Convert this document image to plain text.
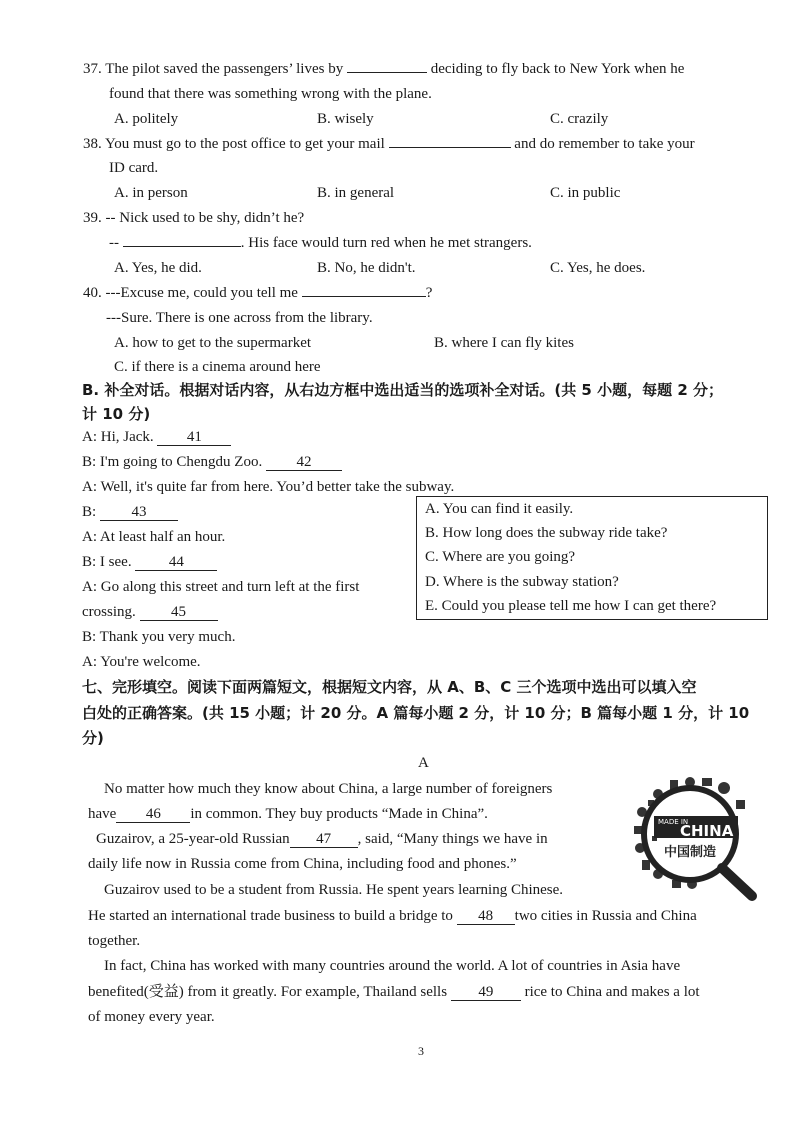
37. The pilot saved the passengers’ lives by	deciding to fly back to New York when he
found that there was something wrong with the plane.
A. politely	B. wisely	C. crazily
38. You must go to the post office to get your mail	and do remember to take your
ID card.
A. in person	B. in general	C. in public
39. -- Nick used to be shy, didn’t he?
--	. His face would turn red when he met strangers.
A. Yes, he did.	B. No, he didn't.	C. Yes, he does.
40. ---Excuse me, could you tell me	?
---Sure. There is one across from the library.
A. how to get to the supermarket	B. where I can fly kites
C. if there is a cinema around here
B. 补全对话。根据对话内容，从右边方框中选出适当的选项补全对话。(共 5 小题，每题 2 分；
计 10 分)
A: Hi, Jack. 41
B: I'm going to Chengdu Zoo. 42
A: Well, it's quite far from here. You’d better take the subway.
B: 43
A: At least half an hour.
B: I see. 44
A: Go along this street and turn left at the first
crossing. 45
B: Thank you very much.
A: You're welcome.
A. You can find it easily.
B. How long does the subway ride take?
C. Where are you going?
D. Where is the subway station?
E. Could you please tell me how I can get there?
七、完形填空。阅读下面两篇短文，根据短文内容，从 A、B、C 三个选项中选出可以填入空
白处的正确答案。(共 15 小题；计 20 分。A 篇每小题 2 分，计 10 分；B 篇每小题 1 分，计 10
分)
A
No matter how much they know about China, a large number of foreigners
have 46 in common. They buy products “Made in China”.
Guzairov, a 25-year-old Russian 47 , said, “Many things we have in
daily life now in Russia come from China, including food and phones.”
Guzairov used to be a student from Russia. He spent years learning Chinese.
He started an international trade business to build a bridge to 48 two cities in Russia and China
together.
In fact, China has worked with many countries around the world. A lot of countries in Asia have
benefited(受益) from it greatly. For example, Thailand sells 49 rice to China and makes a lot
of money every year.
MADE IN
CHINA
中国制造
3
